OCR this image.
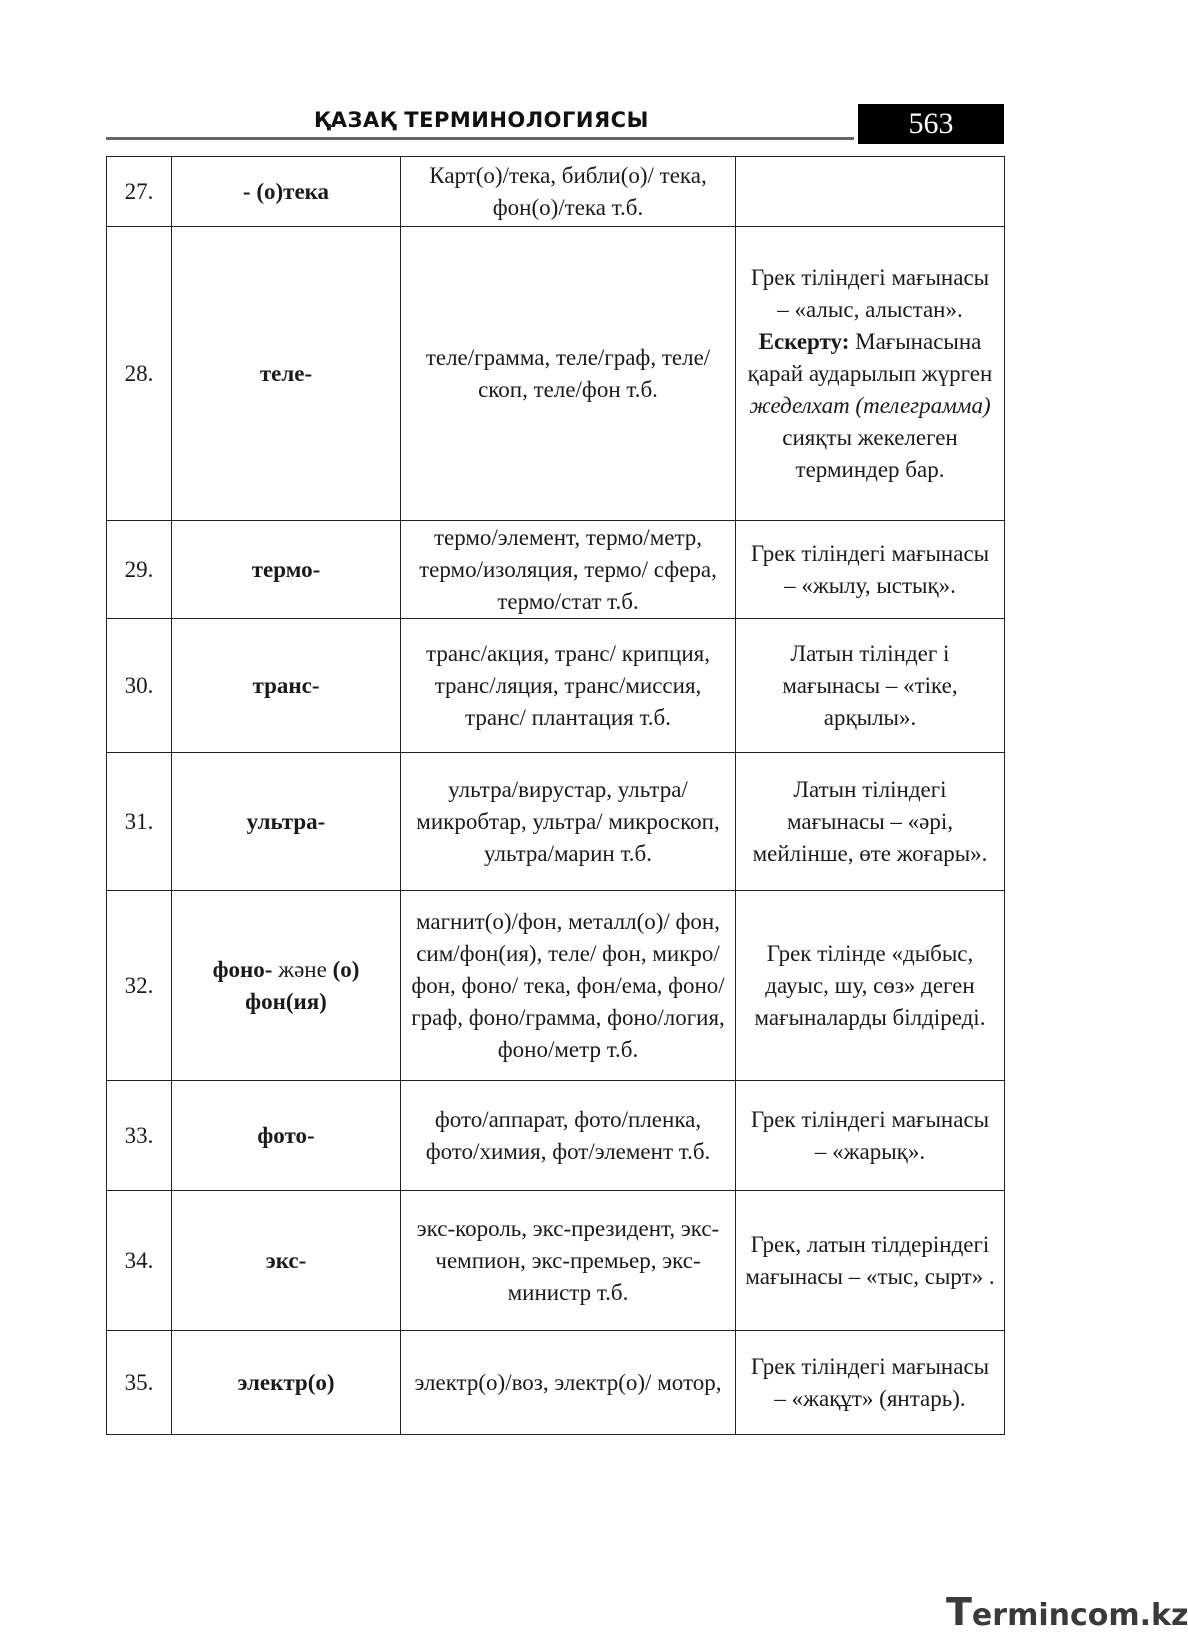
ҚАЗАҚ ТЕРМИНОЛОГИЯСЫ	563
27.	- (о)тека	Карт(о)/тека, библи(о)/ тека, фон(о)/тека т.б.	
28.	теле-	теле/грамма, теле/граф, теле/скоп, теле/фон т.б.	Грек тіліндегі мағынасы – «алыс, алыстан». Ескерту: Мағынасына қарай аударылып жүрген жеделхат (телеграмма) сияқты жекелеген терминдер бар.
29.	термо-	термо/элемент, термо/метр, термо/изоляция, термо/ сфера, термо/стат т.б.	Грек тіліндегі мағынасы – «жылу, ыстық».
30.	транс-	транс/акция, транс/ крипция, транс/ляция, транс/миссия, транс/ плантация т.б.	Латын тіліндег і мағынасы – «тіке, арқылы».
31.	ультра-	ультра/вирустар, ультра/ микробтар, ультра/ микроскоп, ультра/марин т.б.	Латын тіліндегі мағынасы – «әрі, мейлінше, өте жоғары».
32.	фоно- және (о) фон(ия)	магнит(о)/фон, металл(о)/ фон, сим/фон(ия), теле/ фон, микро/фон, фоно/ тека, фон/ема, фоно/граф, фоно/грамма, фоно/логия, фоно/метр т.б.	Грек тілінде «дыбыс, дауыс, шу, сөз» деген мағыналарды білдіреді.
33.	фото-	фото/аппарат, фото/пленка, фото/химия, фот/элемент т.б.	Грек тіліндегі мағынасы – «жарық».
34.	экс-	экс-король, экс-президент, экс-чемпион, экс-премьер, экс-министр т.б.	Грек, латын тілдеріндегі мағынасы – «тыс, сырт» .
35.	электр(о)	электр(о)/воз, электр(о)/ мотор,	Грек тіліндегі мағынасы – «жақұт» (янтарь).
Termincom.kz
